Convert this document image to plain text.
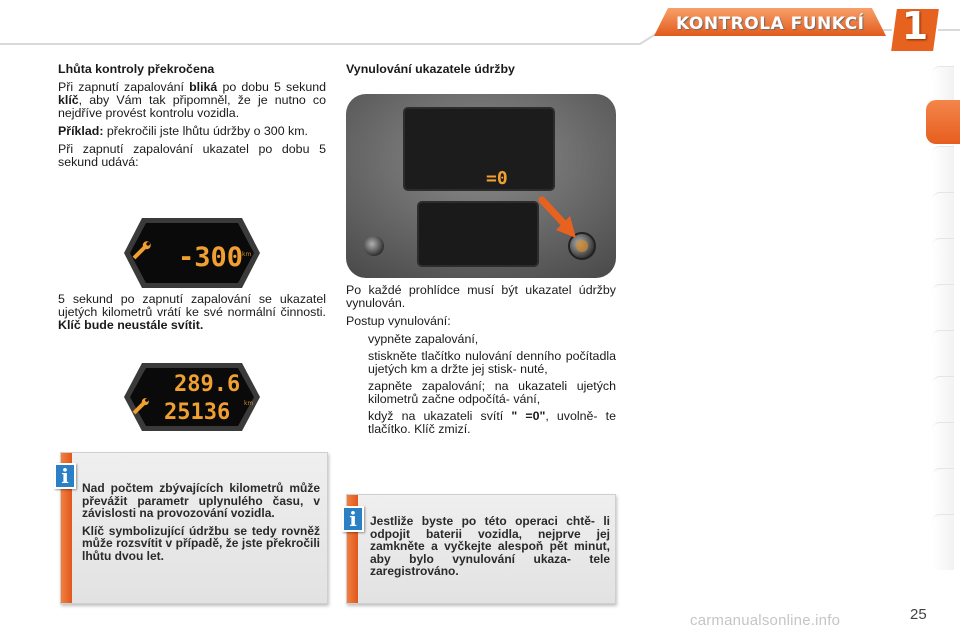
KONTROLA FUNKCÍ 1

Lhůta kontroly překročena

Při zapnutí zapalování bliká po dobu 5 sekund klíč, aby Vám tak připomněl, že je nutno co nejdříve provést kontrolu vozidla.

Příklad: překročili jste lhůtu údržby o 300 km.

Při zapnutí zapalování ukazatel po dobu 5 sekund udává:

-300
km

5 sekund po zapnutí zapalování se ukazatel ujetých kilometrů vrátí ke své normální činnosti. Klíč bude neustále svítit.

289.6
25136 km

Vynulování ukazatele údržby

=0

Po každé prohlídce musí být ukazatel údržby vynulován.

Postup vynulování:

vypněte zapalování,
stiskněte tlačítko nulování denního počítadla ujetých km a držte jej stisk- nuté,
zapněte zapalování; na ukazateli ujetých kilometrů začne odpočítá- vání,
když na ukazateli svítí " =0", uvolně- te tlačítko. Klíč zmizí.
i	Nad počtem zbývajících kilometrů může převážit parametr uplynulého času, v závislosti na provozování vozidla.

Klíč symbolizující údržbu se tedy rovněž může rozsvítit v případě, že jste překročili lhůtu dvou let.

i	Jestliže byste po této operaci chtě- li odpojit baterii vozidla, nejprve jej zamkněte a vyčkejte alespoň pět minut, aby bylo vynulování ukaza- tele zaregistrováno.

carmanualsonline.info	25
